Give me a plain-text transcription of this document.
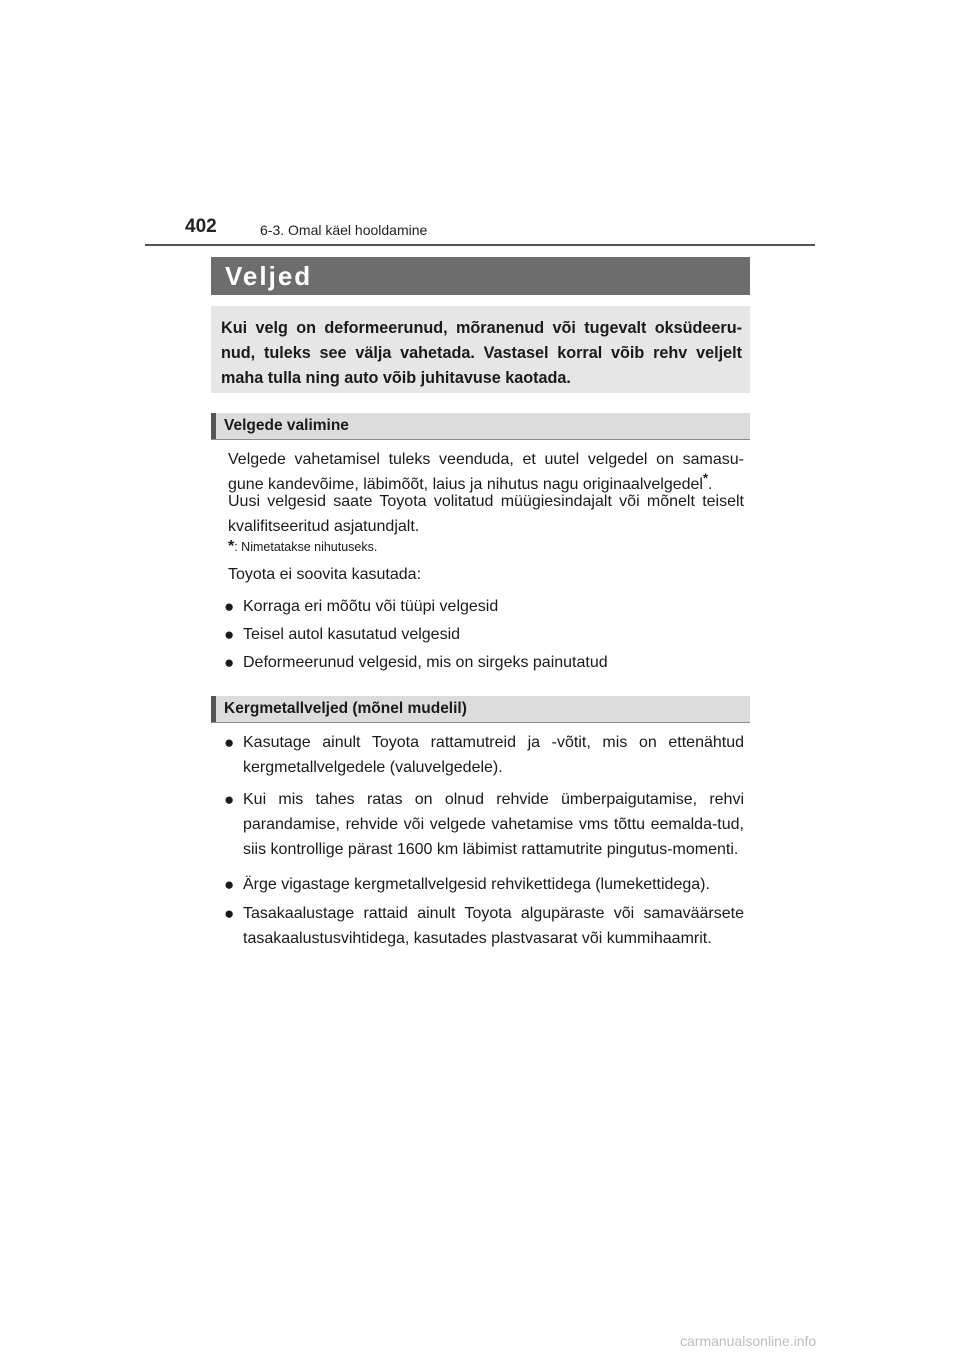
402	6-3. Omal käel hooldamine
Veljed
Kui velg on deformeerunud, mõranenud või tugevalt oksüdeeru-nud, tuleks see välja vahetada. Vastasel korral võib rehv veljelt maha tulla ning auto võib juhitavuse kaotada.
Velgede valimine
Velgede vahetamisel tuleks veenduda, et uutel velgedel on samasu-gune kandevõime, läbimõõt, laius ja nihutus nagu originaalvelgedel*.
Uusi velgesid saate Toyota volitatud müügiesindajalt või mõnelt teiselt kvalifitseeritud asjatundjalt.
*: Nimetatakse nihutuseks.
Toyota ei soovita kasutada:
● Korraga eri mõõtu või tüüpi velgesid
● Teisel autol kasutatud velgesid
● Deformeerunud velgesid, mis on sirgeks painutatud
Kergmetallveljed (mõnel mudelil)
● Kasutage ainult Toyota rattamutreid ja -võtit, mis on ettenähtud kergmetallvelgedele (valuvelgedele).
● Kui mis tahes ratas on olnud rehvide ümberpaigutamise, rehvi parandamise, rehvide või velgede vahetamise vms tõttu eemalda-tud, siis kontrollige pärast 1600 km läbimist rattamutrite pingutus-momenti.
● Ärge vigastage kergmetallvelgesid rehvikettidega (lumekettidega).
● Tasakaalustage rattaid ainult Toyota algupäraste või samaväärsete tasakaalustusvihtidega, kasutades plastvasarat või kummihaamrit.
carmanualsonline.info
